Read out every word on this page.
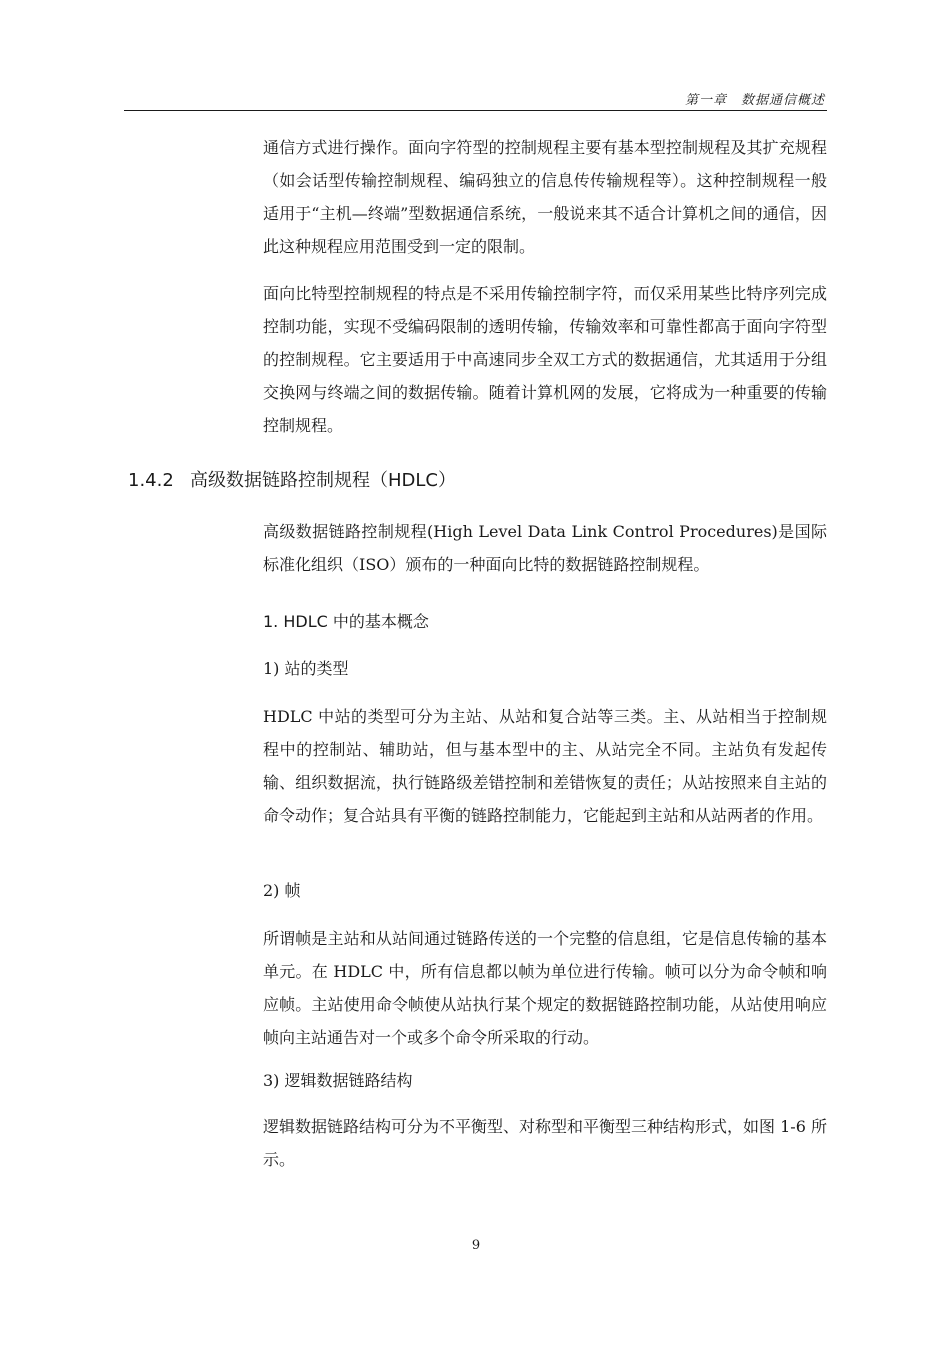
第一章　数据通信概述

通信方式进行操作。面向字符型的控制规程主要有基本型控制规程及其扩充规程（如会话型传输控制规程、编码独立的信息传传输规程等）。这种控制规程一般适用于“主机—终端”型数据通信系统，一般说来其不适合计算机之间的通信，因此这种规程应用范围受到一定的限制。

面向比特型控制规程的特点是不采用传输控制字符，而仅采用某些比特序列完成控制功能，实现不受编码限制的透明传输，传输效率和可靠性都高于面向字符型的控制规程。它主要适用于中高速同步全双工方式的数据通信，尤其适用于分组交换网与终端之间的数据传输。随着计算机网的发展，它将成为一种重要的传输控制规程。

1.4.2 高级数据链路控制规程（HDLC）

高级数据链路控制规程(High Level Data Link Control Procedures)是国际标准化组织（ISO）颁布的一种面向比特的数据链路控制规程。

1. HDLC 中的基本概念
1) 站的类型

HDLC 中站的类型可分为主站、从站和复合站等三类。主、从站相当于控制规程中的控制站、辅助站，但与基本型中的主、从站完全不同。主站负有发起传输、组织数据流，执行链路级差错控制和差错恢复的责任；从站按照来自主站的命令动作；复合站具有平衡的链路控制能力，它能起到主站和从站两者的作用。

2) 帧

所谓帧是主站和从站间通过链路传送的一个完整的信息组，它是信息传输的基本单元。在 HDLC 中，所有信息都以帧为单位进行传输。帧可以分为命令帧和响应帧。主站使用命令帧使从站执行某个规定的数据链路控制功能，从站使用响应帧向主站通告对一个或多个命令所采取的行动。

3) 逻辑数据链路结构

逻辑数据链路结构可分为不平衡型、对称型和平衡型三种结构形式，如图 1-6 所示。

9
